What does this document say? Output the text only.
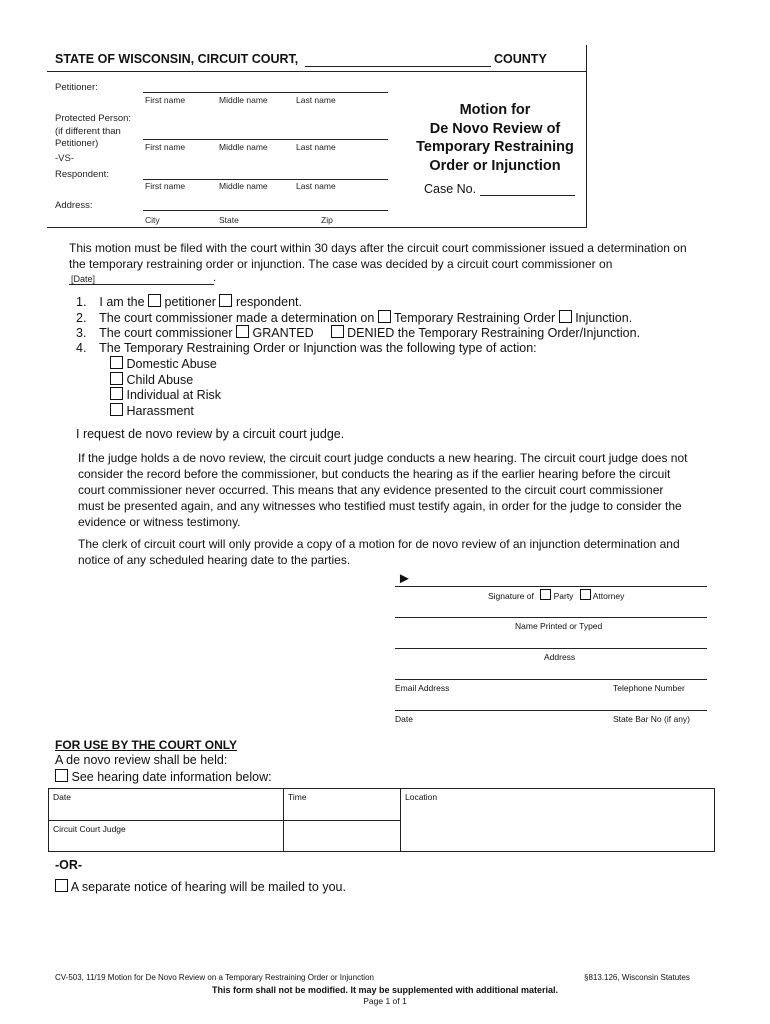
STATE OF WISCONSIN, CIRCUIT COURT,	COUNTY
Petitioner:
First name	Middle name	Last name
Protected Person:
(if different than
Petitioner)	First name	Middle name	Last name
-VS-
Respondent:
First name	Middle name	Last name
Address:
City	State	Zip
Motion for
De Novo Review of
Temporary Restraining
Order or Injunction
Case No.
This motion must be filed with the court within 30 days after the circuit court commissioner issued a determination on
the temporary restraining order or injunction. The case was decided by a circuit court commissioner on
[Date]	.
1. I am the petitioner respondent.
2. The court commissioner made a determination on Temporary Restraining Order Injunction.
3. The court commissioner GRANTED	DENIED the Temporary Restraining Order/Injunction.
4. The Temporary Restraining Order or Injunction was the following type of action:
Domestic Abuse
Child Abuse
Individual at Risk
Harassment
I request de novo review by a circuit court judge.
If the judge holds a de novo review, the circuit court judge conducts a new hearing. The circuit court judge does not
consider the record before the commissioner, but conducts the hearing as if the earlier hearing before the circuit
court commissioner never occurred. This means that any evidence presented to the circuit court commissioner
must be presented again, and any witnesses who testified must testify again, in order for the judge to consider the
evidence or witness testimony.
The clerk of circuit court will only provide a copy of a motion for de novo review of an injunction determination and
notice of any scheduled hearing date to the parties.
►
Signature of Party Attorney
Name Printed or Typed
Address
Email Address	Telephone Number
Date	State Bar No (if any)
FOR USE BY THE COURT ONLY
A de novo review shall be held:
See hearing date information below:
Date	Time	Location
Circuit Court Judge		
-OR-
A separate notice of hearing will be mailed to you.
CV-503, 11/19 Motion for De Novo Review on a Temporary Restraining Order or Injunction	§813.126, Wisconsin Statutes
This form shall not be modified. It may be supplemented with additional material.
Page 1 of 1
